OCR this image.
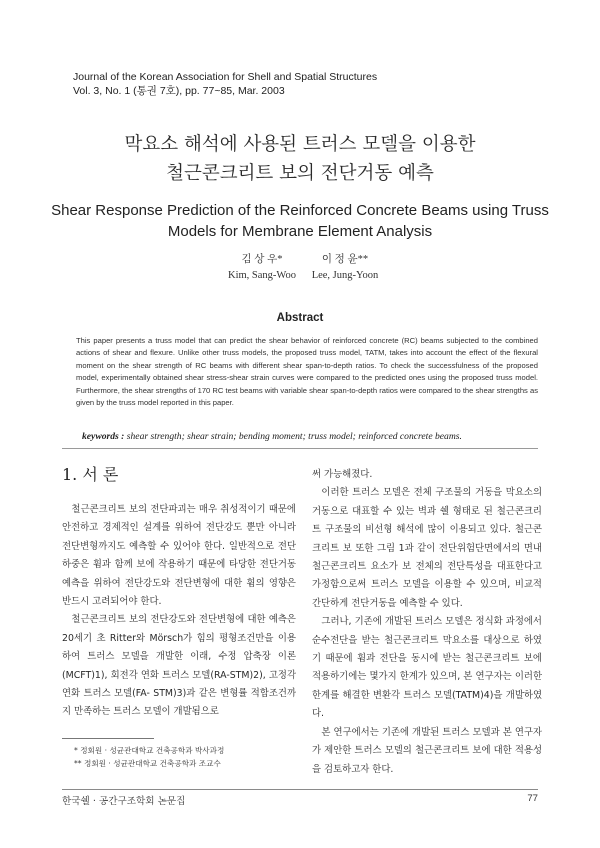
Journal of the Korean Association for Shell and Spatial Structures
Vol. 3, No. 1 (통권 7호), pp. 77~85, Mar. 2003
막요소 해석에 사용된 트러스 모델을 이용한
철근콘크리트 보의 전단거동 예측
Shear Response Prediction of the Reinforced Concrete Beams using Truss
Models for Membrane Element Analysis
김 상 우*
Kim, Sang-Woo
이 정 윤**
Lee, Jung-Yoon
Abstract
This paper presents a truss model that can predict the shear behavior of reinforced concrete (RC) beams subjected to the combined actions of shear and flexure. Unlike other truss models, the proposed truss model, TATM, takes into account the effect of the flexural moment on the shear strength of RC beams with different shear span-to-depth ratios. To check the successfulness of the proposed model, experimentally obtained shear stress-shear strain curves were compared to the predicted ones using the proposed truss model. Furthermore, the shear strengths of 170 RC test beams with variable shear span-to-depth ratios were compared to the shear strengths as given by the truss model reported in this paper.
keywords : shear strength; shear strain; bending moment; truss model; reinforced concrete beams.
1. 서 론

철근콘크리트 보의 전단파괴는 매우 취성적이기 때문에 안전하고 경제적인 설계를 위하여 전단강도 뿐만 아니라 전단변형까지도 예측할 수 있어야 한다. 일반적으로 전단하중은 휨과 함께 보에 작용하기 때문에 타당한 전단거동 예측을 위하여 전단강도와 전단변형에 대한 휨의 영향은 반드시 고려되어야 한다.

철근콘크리트 보의 전단강도와 전단변형에 대한 예측은 20세기 초 Ritter와 Mörsch가 힘의 평형조건만을 이용하여 트러스 모델을 개발한 이래, 수정 압축장 이론(MCFT)1), 회전각 연화 트러스 모델(RA-STM)2), 고정각 연화 트러스 모델(FA- STM)3)과 같은 변형률 적합조건까지 만족하는 트러스 모델이 개발됨으로

써 가능해졌다.

이러한 트러스 모델은 전체 구조물의 거동을 막요소의 거동으로 대표할 수 있는 벽과 쉘 형태로 된 철근콘크리트 구조물의 비선형 해석에 많이 이용되고 있다. 철근콘크리트 보 또한 그림 1과 같이 전단위험단면에서의 면내 철근콘크리트 요소가 보 전체의 전단특성을 대표한다고 가정함으로써 트러스 모델을 이용할 수 있으며, 비교적 간단하게 전단거동을 예측할 수 있다.

그러나, 기존에 개발된 트러스 모델은 정식화 과정에서 순수전단을 받는 철근콘크리트 막요소를 대상으로 하였기 때문에 휨과 전단을 동시에 받는 철근콘크리트 보에 적용하기에는 몇가지 한계가 있으며, 본 연구자는 이러한 한계를 해결한 변환각 트러스 모델(TATM)4)을 개발하였다.

본 연구에서는 기존에 개발된 트러스 모델과 본 연구자가 제안한 트러스 모델의 철근콘크리트 보에 대한 적용성을 검토하고자 한다.

* 정회원 · 성균관대학교 건축공학과 박사과정
** 정회원 · 성균관대학교 건축공학과 조교수
한국쉘 · 공간구조학회 논문집	77
